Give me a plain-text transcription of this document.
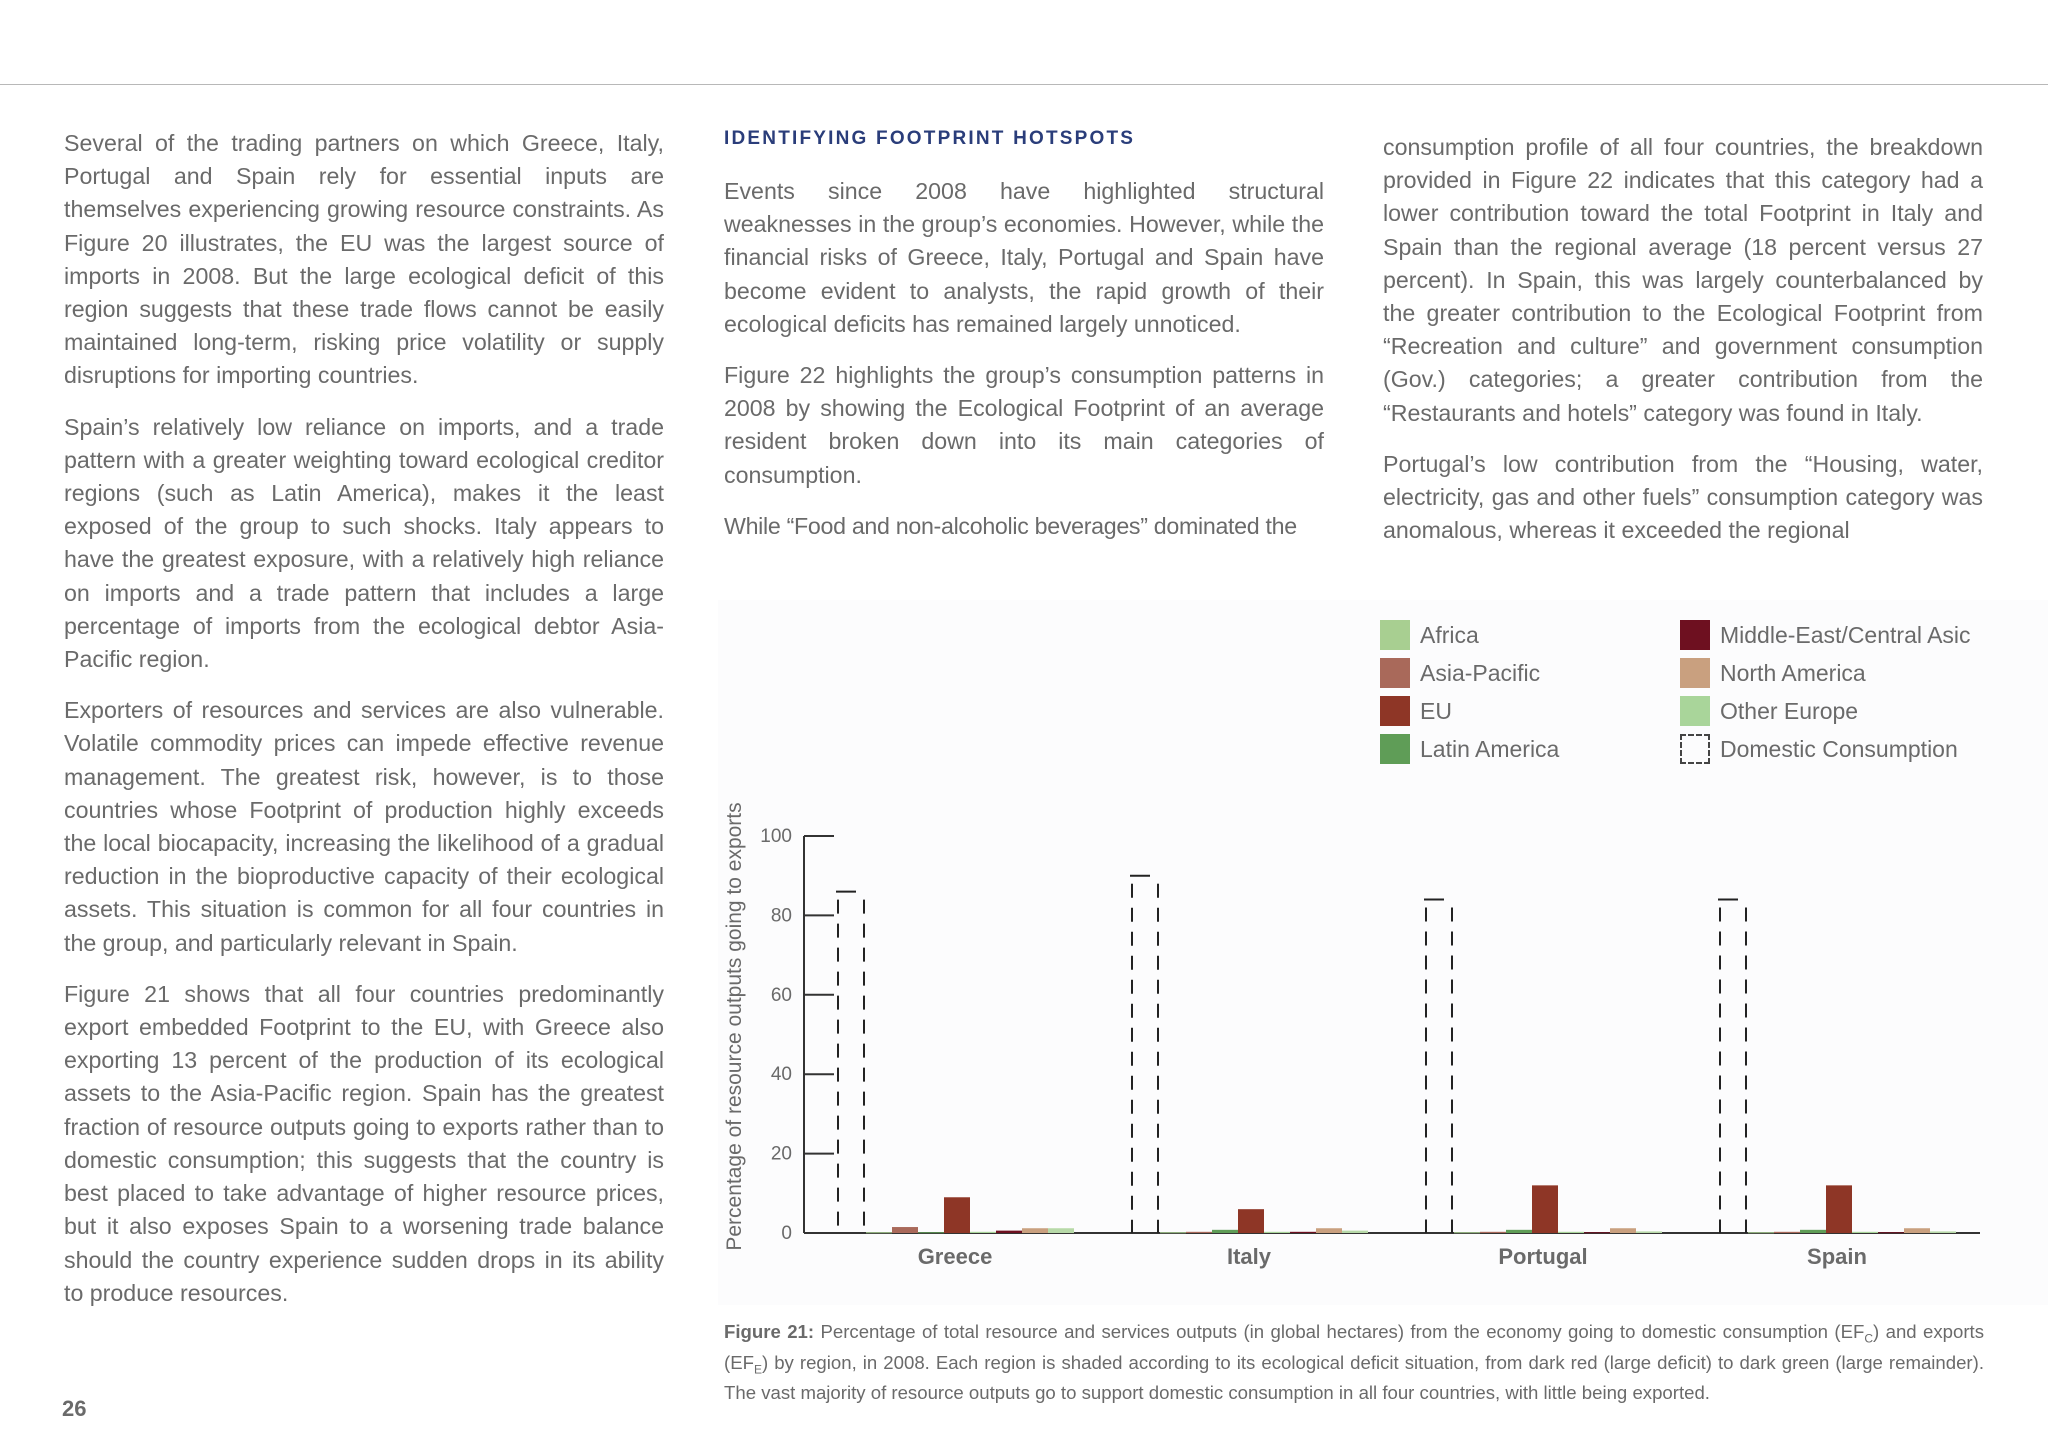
Several of the trading partners on which Greece, Italy, Portugal and Spain rely for essential inputs are themselves experiencing growing resource constraints. As Figure 20 illustrates, the EU was the largest source of imports in 2008. But the large ecological deficit of this region suggests that these trade flows cannot be easily maintained long-term, risking price volatility or supply disruptions for importing countries.

Spain’s relatively low reliance on imports, and a trade pattern with a greater weighting toward ecological creditor regions (such as Latin America), makes it the least exposed of the group to such shocks. Italy appears to have the greatest exposure, with a relatively high reliance on imports and a trade pattern that includes a large percentage of imports from the ecological debtor Asia-Pacific region.

Exporters of resources and services are also vulnerable. Volatile commodity prices can impede effective revenue management. The greatest risk, however, is to those countries whose Footprint of production highly exceeds the local biocapacity, increasing the likelihood of a gradual reduction in the bioproductive capacity of their ecological assets. This situation is common for all four countries in the group, and particularly relevant in Spain.

Figure 21 shows that all four countries predominantly export embedded Footprint to the EU, with Greece also exporting 13 percent of the production of its ecological assets to the Asia-Pacific region. Spain has the greatest fraction of resource outputs going to exports rather than to domestic consumption; this suggests that the country is best placed to take advantage of higher resource prices, but it also exposes Spain to a worsening trade balance should the country experience sudden drops in its ability to produce resources.

IDENTIFYING FOOTPRINT HOTSPOTS

Events since 2008 have highlighted structural weaknesses in the group’s economies. However, while the financial risks of Greece, Italy, Portugal and Spain have become evident to analysts, the rapid growth of their ecological deficits has remained largely unnoticed.

Figure 22 highlights the group’s consumption patterns in 2008 by showing the Ecological Footprint of an average resident broken down into its main categories of consumption.

While “Food and non-alcoholic beverages” dominated the

consumption profile of all four countries, the breakdown provided in Figure 22 indicates that this category had a lower contribution toward the total Footprint in Italy and Spain than the regional average (18 percent versus 27 percent). In Spain, this was largely counterbalanced by the greater contribution to the Ecological Footprint from “Recreation and culture” and government consumption (Gov.) categories; a greater contribution from the “Restaurants and hotels” category was found in Italy.

Portugal’s low contribution from the “Housing, water, electricity, gas and other fuels” consumption category was anomalous, whereas it exceeded the regional

Africa	Middle-East/Central Asic
Asia-Pacific	North America
EU	Other Europe
Latin America	Domestic Consumption
Percentage of resource outputs going to exports 0
20
40
60
80
100
Greece	Italy	Portugal	Spain
Figure 21: Percentage of total resource and services outputs (in global hectares) from the economy going to domestic consumption $(EF_C)$ and exports $(EF_E)$ by region, in 2008. Each region is shaded according to its ecological deficit situation, from dark red (large deficit) to dark green (large remainder). The vast majority of resource outputs go to support domestic consumption in all four countries, with little being exported.
26
